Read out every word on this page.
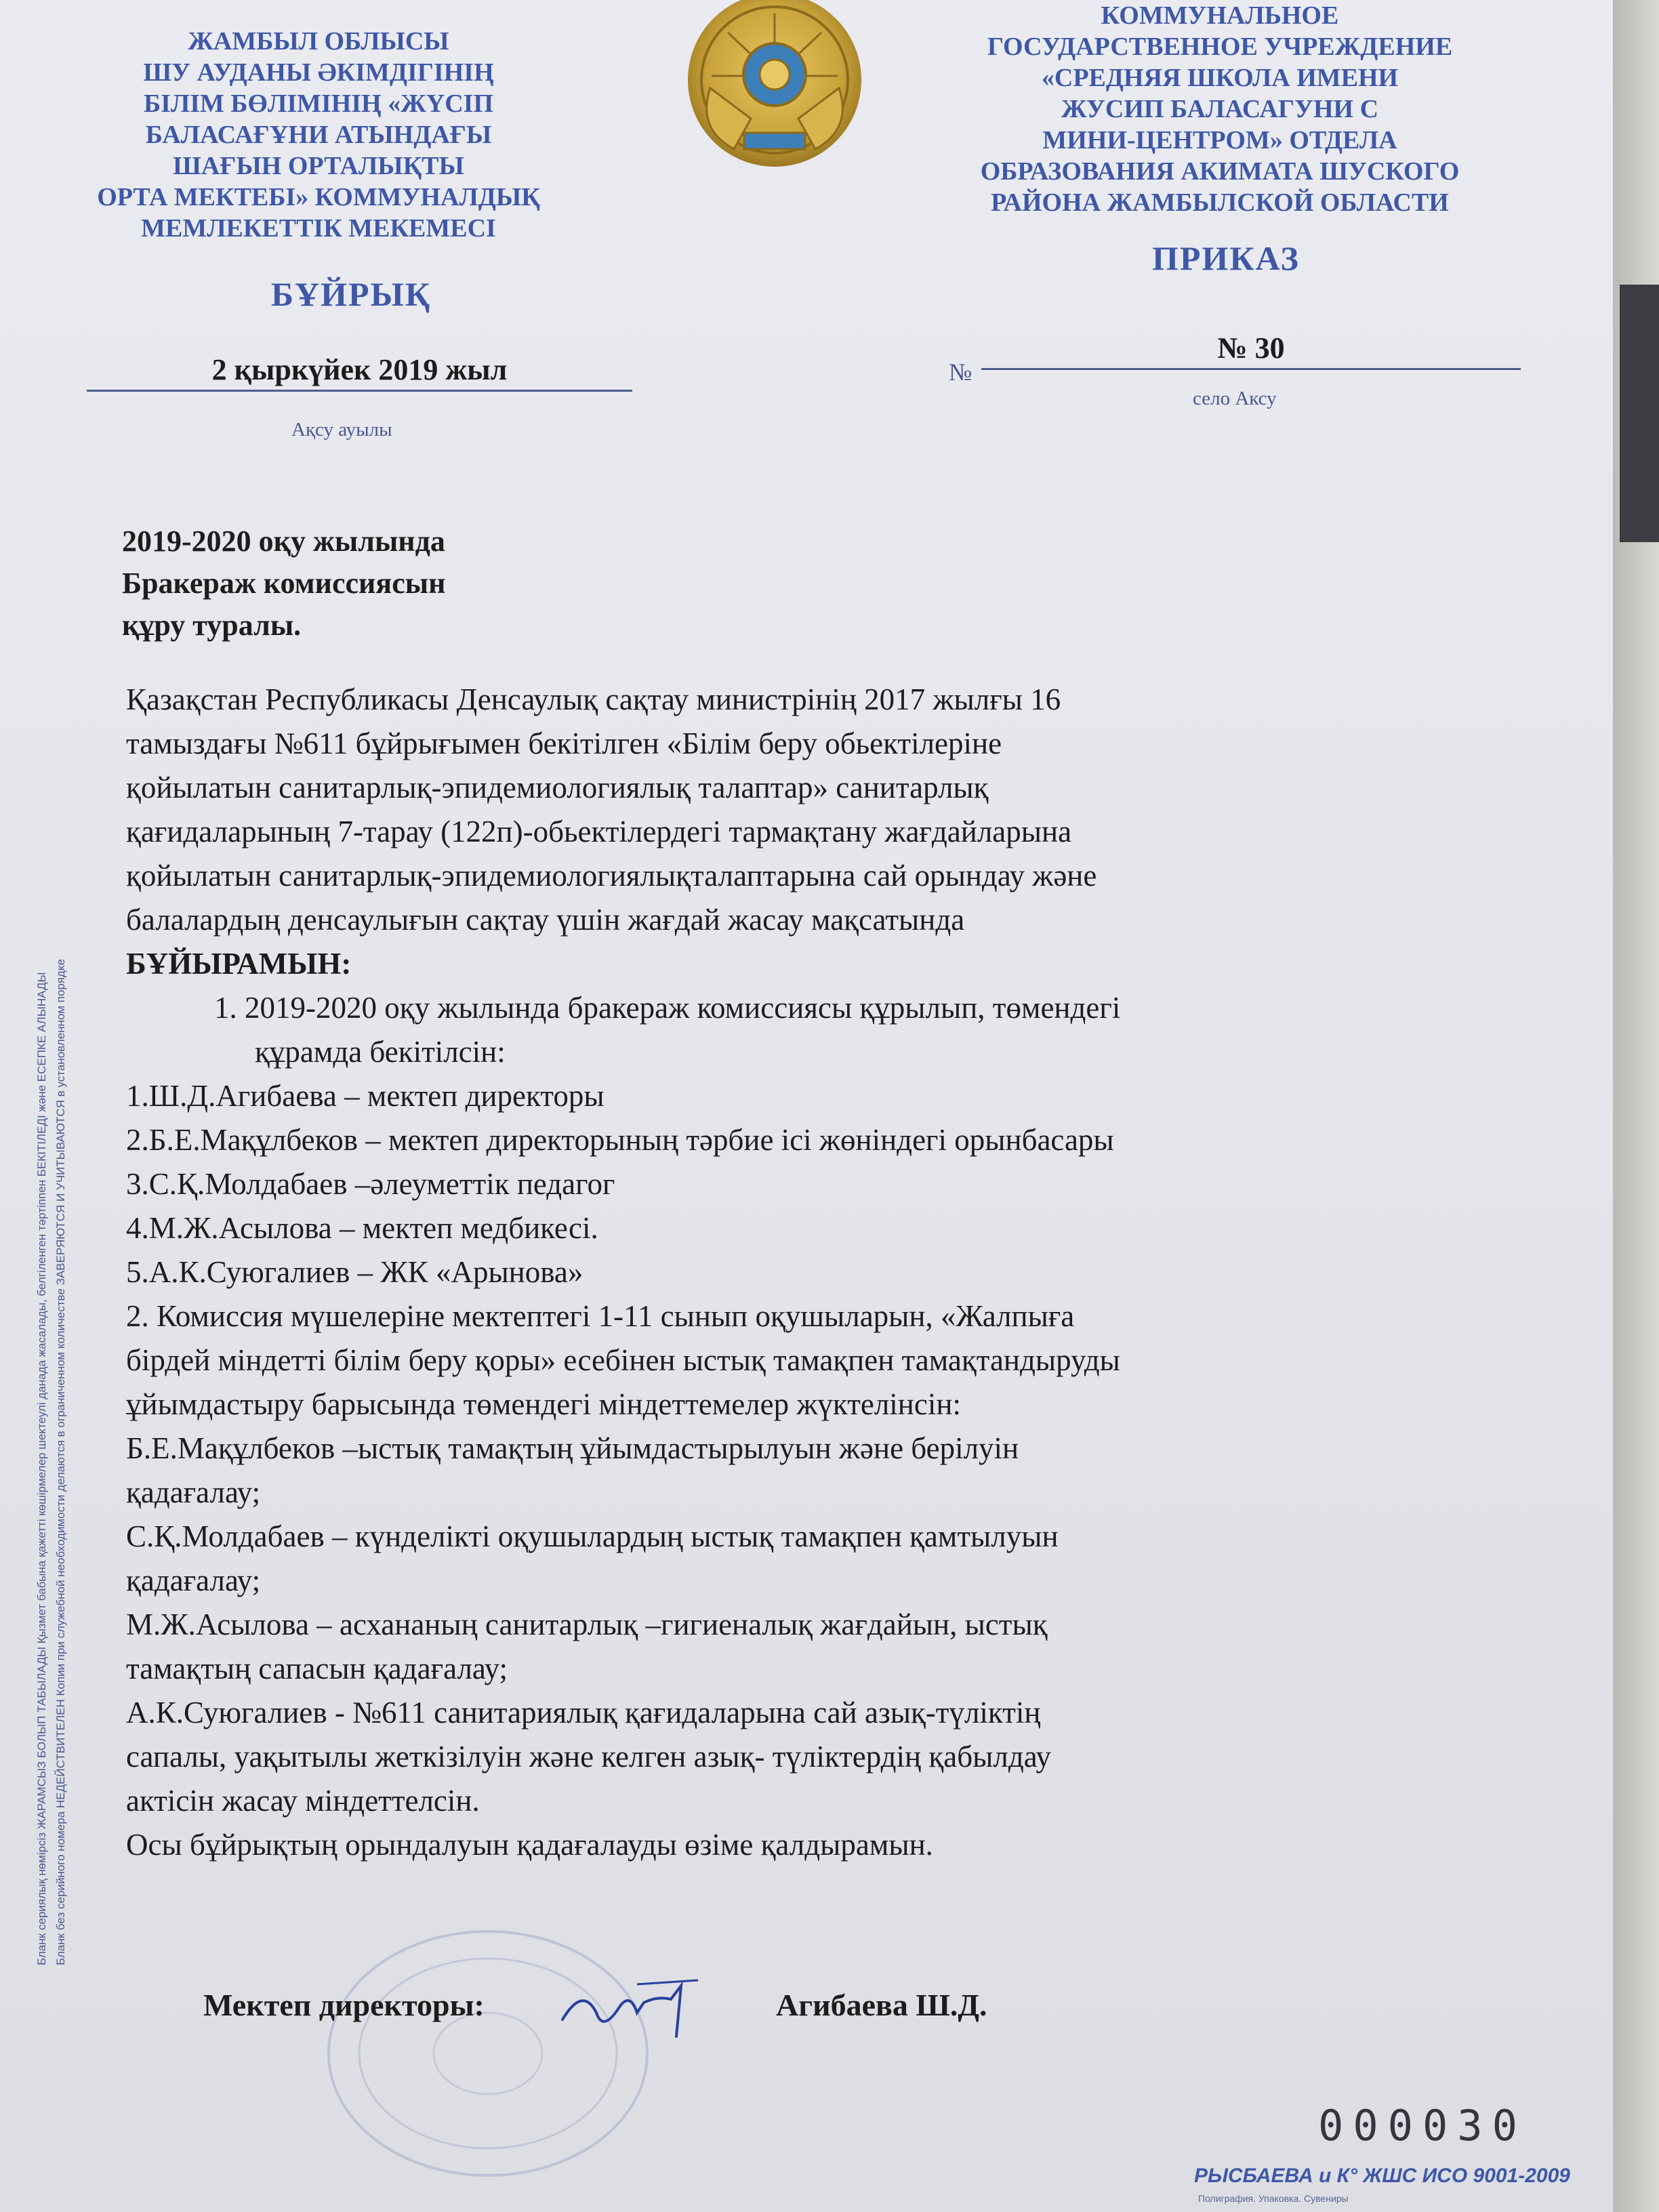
ЖАМБЫЛ ОБЛЫСЫ
ШУ АУДАНЫ ӘКІМДІГІНІҢ
БІЛІМ БӨЛІМІНІҢ «ЖҮСІП
БАЛАСАҒҰНИ АТЫНДАҒЫ
ШАҒЫН ОРТАЛЫҚТЫ
ОРТА МЕКТЕБІ» КОММУНАЛДЫҚ
МЕМЛЕКЕТТІК МЕКЕМЕСІ
КОММУНАЛЬНОЕ
ГОСУДАРСТВЕННОЕ УЧРЕЖДЕНИЕ
«СРЕДНЯЯ ШКОЛА ИМЕНИ
ЖУСИП БАЛАСАГУНИ С
МИНИ-ЦЕНТРОМ» ОТДЕЛА
ОБРАЗОВАНИЯ АКИМАТА ШУСКОГО
РАЙОНА ЖАМБЫЛСКОЙ ОБЛАСТИ
БҰЙРЫҚ
ПРИКАЗ
2 қыркүйек 2019 жыл
Ақсу ауылы
№
№ 30
село Аксу
2019-2020 оқу жылында
Бракераж комиссиясын
құру туралы.

Қазақстан Республикасы Денсаулық сақтау министрінің 2017 жылғы 16

тамыздағы №611 бұйрығымен бекітілген «Білім беру обьектілеріне

қойылатын санитарлық-эпидемиологиялық талаптар» санитарлық

қағидаларының 7-тарау (122п)-обьектілердегі тармақтану жағдайларына

қойылатын санитарлық-эпидемиологиялықталаптарына сай орындау және

балалардың денсаулығын сақтау үшін жағдай жасау мақсатында

БҰЙЫРАМЫН:

1. 2019-2020 оқу жылында бракераж комиссиясы құрылып, төмендегі

құрамда бекітілсін:

1.Ш.Д.Агибаева – мектеп директоры

2.Б.Е.Мақұлбеков – мектеп директорының тәрбие ісі жөніндегі орынбасары

3.С.Қ.Молдабаев –әлеуметтік педагог

4.М.Ж.Асылова – мектеп медбикесі.

5.А.К.Суюгалиев – ЖК «Арынова»

2. Комиссия мүшелеріне мектептегі 1-11 сынып оқушыларын, «Жалпыға

бірдей міндетті білім беру қоры» есебінен ыстық тамақпен тамақтандыруды

ұйымдастыру барысында төмендегі міндеттемелер жүктелінсін:

Б.Е.Мақұлбеков –ыстық тамақтың ұйымдастырылуын және берілуін

қадағалау;

С.Қ.Молдабаев – күнделікті оқушылардың ыстық тамақпен қамтылуын

қадағалау;

М.Ж.Асылова – асхананың санитарлық –гигиеналық жағдайын, ыстық

тамақтың сапасын қадағалау;

А.К.Суюгалиев - №611 санитариялық қағидаларына сай азық-түліктің

сапалы, уақытылы жеткізілуін және келген азық- түліктердің қабылдау

актісін жасау міндеттелсін.

Осы бұйрықтың орындалуын қадағалауды өзіме қалдырамын.

Мектеп директоры:	Агибаева Ш.Д.
000030
Бланк сериялық нөмірсіз ЖАРАМСЫЗ БОЛЫП ТАБЫЛАДЫ Қызмет бабына қажетті көшірмелер шектеулі данада жасалады, белгіленген тәртіппен БЕКІТІЛЕДІ және ЕСЕПКЕ АЛЫНАДЫ Бланк без серийного номера НЕДЕЙСТВИТЕЛЕН Копии при служебной необходимости делаются в ограниченном количестве ЗАВЕРЯЮТСЯ И УЧИТЫВАЮТСЯ в установленном порядке
РЫСБАЕВА и К° ЖШС ИСО 9001-2009
Полиграфия. Упаковка. Сувениры
